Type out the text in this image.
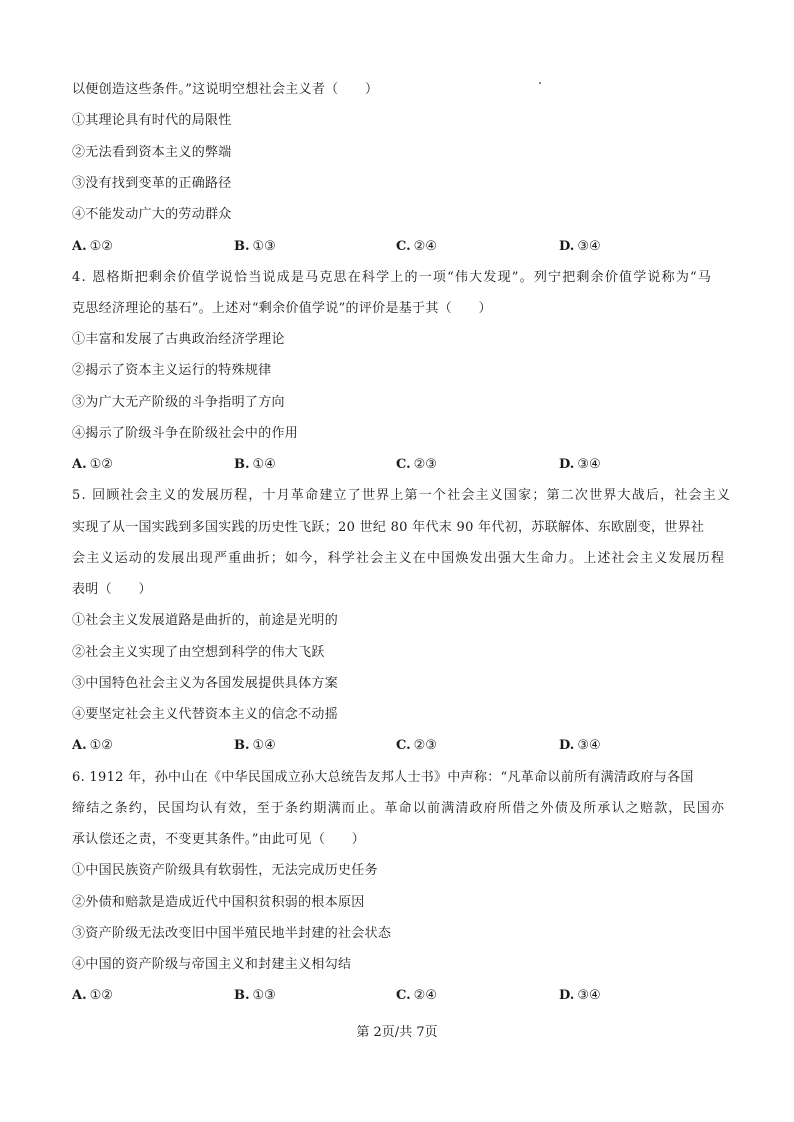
以便创造这些条件。”这说明空想社会主义者（　　）
①其理论具有时代的局限性
②无法看到资本主义的弊端
③没有找到变革的正确路径
④不能发动广大的劳动群众
A. ①②	B. ①③	C. ②④	D. ③④
4. 恩格斯把剩余价值学说恰当说成是马克思在科学上的一项“伟大发现”。列宁把剩余价值学说称为“马
克思经济理论的基石”。上述对“剩余价值学说”的评价是基于其（　　）
①丰富和发展了古典政治经济学理论
②揭示了资本主义运行的特殊规律
③为广大无产阶级的斗争指明了方向
④揭示了阶级斗争在阶级社会中的作用
A. ①②	B. ①④	C. ②③	D. ③④
5. 回顾社会主义的发展历程，十月革命建立了世界上第一个社会主义国家；第二次世界大战后，社会主义
实现了从一国实践到多国实践的历史性飞跃；20 世纪 80 年代末 90 年代初，苏联解体、东欧剧变，世界社
会主义运动的发展出现严重曲折；如今，科学社会主义在中国焕发出强大生命力。上述社会主义发展历程
表明（　　）
①社会主义发展道路是曲折的，前途是光明的
②社会主义实现了由空想到科学的伟大飞跃
③中国特色社会主义为各国发展提供具体方案
④要坚定社会主义代替资本主义的信念不动摇
A. ①②	B. ①④	C. ②③	D. ③④
6. 1912 年，孙中山在《中华民国成立孙大总统告友邦人士书》中声称：“凡革命以前所有满清政府与各国
缔结之条约，民国均认有效，至于条约期满而止。革命以前满清政府所借之外债及所承认之赔款，民国亦
承认偿还之责，不变更其条件。”由此可见（　　）
①中国民族资产阶级具有软弱性，无法完成历史任务
②外债和赔款是造成近代中国积贫积弱的根本原因
③资产阶级无法改变旧中国半殖民地半封建的社会状态
④中国的资产阶级与帝国主义和封建主义相勾结
A. ①②	B. ①③	C. ②④	D. ③④
第 2页/共 7页
